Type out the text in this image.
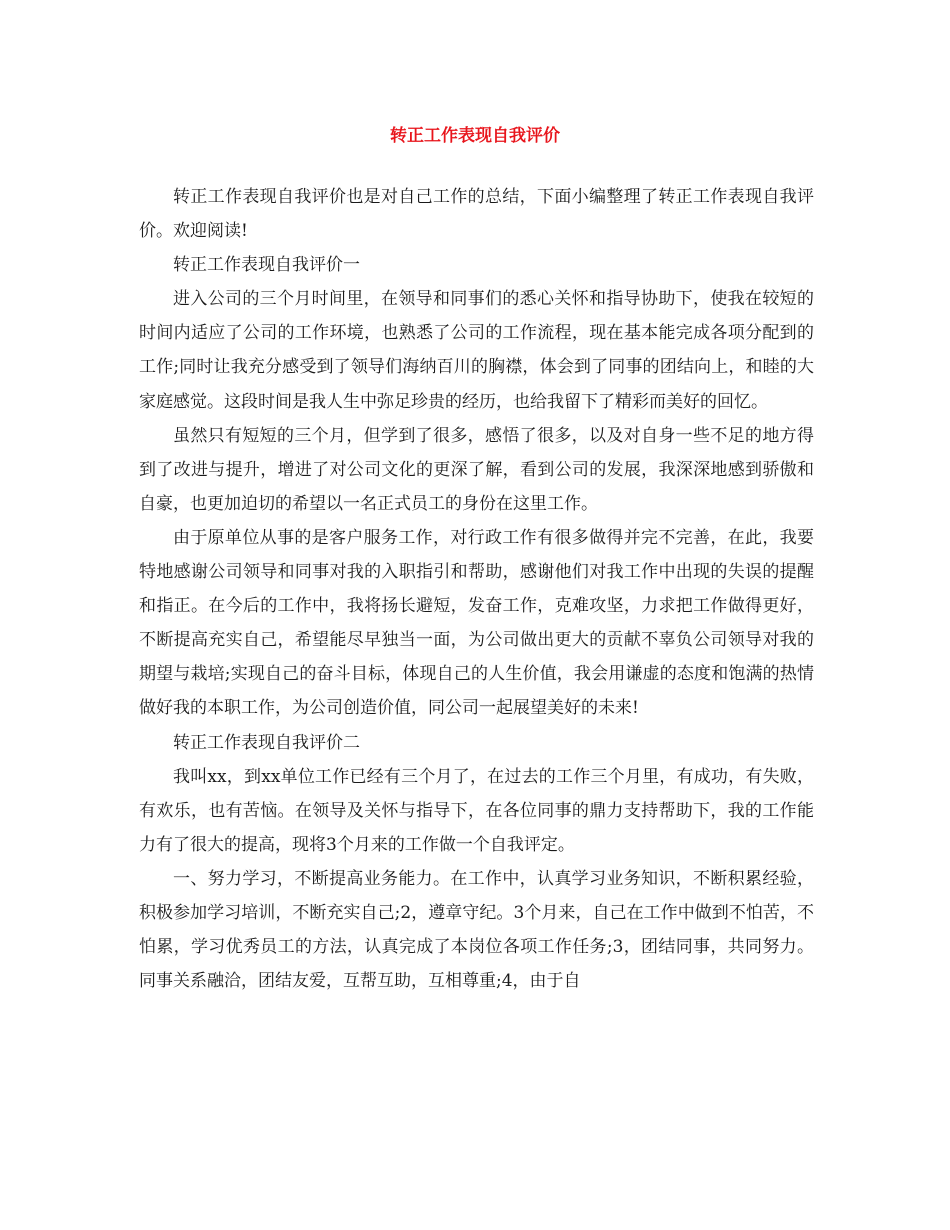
转正工作表现自我评价

转正工作表现自我评价也是对自己工作的总结，下面小编整理了转正工作表现自我评价。欢迎阅读!

转正工作表现自我评价一

进入公司的三个月时间里，在领导和同事们的悉心关怀和指导协助下，使我在较短的时间内适应了公司的工作环境，也熟悉了公司的工作流程，现在基本能完成各项分配到的工作;同时让我充分感受到了领导们海纳百川的胸襟，体会到了同事的团结向上，和睦的大家庭感觉。这段时间是我人生中弥足珍贵的经历，也给我留下了精彩而美好的回忆。

虽然只有短短的三个月，但学到了很多，感悟了很多，以及对自身一些不足的地方得到了改进与提升，增进了对公司文化的更深了解，看到公司的发展，我深深地感到骄傲和自豪，也更加迫切的希望以一名正式员工的身份在这里工作。

由于原单位从事的是客户服务工作，对行政工作有很多做得并完不完善，在此，我要特地感谢公司领导和同事对我的入职指引和帮助，感谢他们对我工作中出现的失误的提醒和指正。在今后的工作中，我将扬长避短，发奋工作，克难攻坚，力求把工作做得更好，不断提高充实自己，希望能尽早独当一面，为公司做出更大的贡献不辜负公司领导对我的期望与栽培;实现自己的奋斗目标，体现自己的人生价值，我会用谦虚的态度和饱满的热情做好我的本职工作，为公司创造价值，同公司一起展望美好的未来!

转正工作表现自我评价二

我叫xx，到xx单位工作已经有三个月了，在过去的工作三个月里，有成功，有失败，有欢乐，也有苦恼。在领导及关怀与指导下，在各位同事的鼎力支持帮助下，我的工作能力有了很大的提高，现将3个月来的工作做一个自我评定。

一、努力学习，不断提高业务能力。在工作中，认真学习业务知识，不断积累经验，积极参加学习培训，不断充实自己;2，遵章守纪。3个月来，自己在工作中做到不怕苦，不怕累，学习优秀员工的方法，认真完成了本岗位各项工作任务;3，团结同事，共同努力。同事关系融洽，团结友爱，互帮互助，互相尊重;4，由于自
